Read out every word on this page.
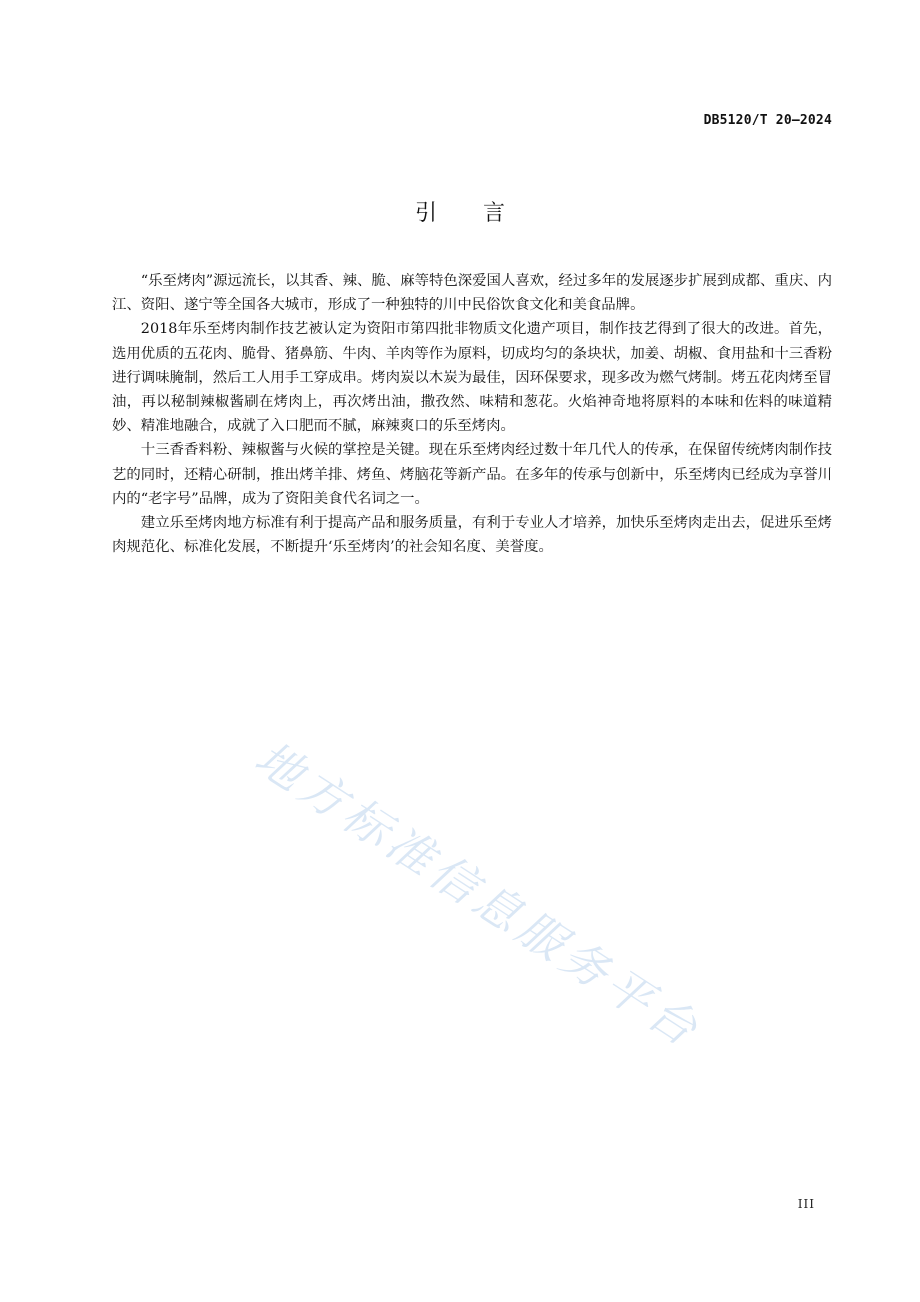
DB5120/T 20—2024
引言

“乐至烤肉”源远流长，以其香、辣、脆、麻等特色深爱国人喜欢，经过多年的发展逐步扩展到成都、重庆、内江、资阳、遂宁等全国各大城市，形成了一种独特的川中民俗饮食文化和美食品牌。

2018年乐至烤肉制作技艺被认定为资阳市第四批非物质文化遗产项目，制作技艺得到了很大的改进。首先，选用优质的五花肉、脆骨、猪鼻筋、牛肉、羊肉等作为原料，切成均匀的条块状，加姜、胡椒、食用盐和十三香粉进行调味腌制，然后工人用手工穿成串。烤肉炭以木炭为最佳，因环保要求，现多改为燃气烤制。烤五花肉烤至冒油，再以秘制辣椒酱刷在烤肉上，再次烤出油，撒孜然、味精和葱花。火焰神奇地将原料的本味和佐料的味道精妙、精准地融合，成就了入口肥而不腻，麻辣爽口的乐至烤肉。

十三香香料粉、辣椒酱与火候的掌控是关键。现在乐至烤肉经过数十年几代人的传承，在保留传统烤肉制作技艺的同时，还精心研制，推出烤羊排、烤鱼、烤脑花等新产品。在多年的传承与创新中，乐至烤肉已经成为享誉川内的“老字号”品牌，成为了资阳美食代名词之一。

建立乐至烤肉地方标准有利于提高产品和服务质量，有利于专业人才培养，加快乐至烤肉走出去，促进乐至烤肉规范化、标准化发展，不断提升‘乐至烤肉’的社会知名度、美誉度。

地方标准信息服务平台
III
